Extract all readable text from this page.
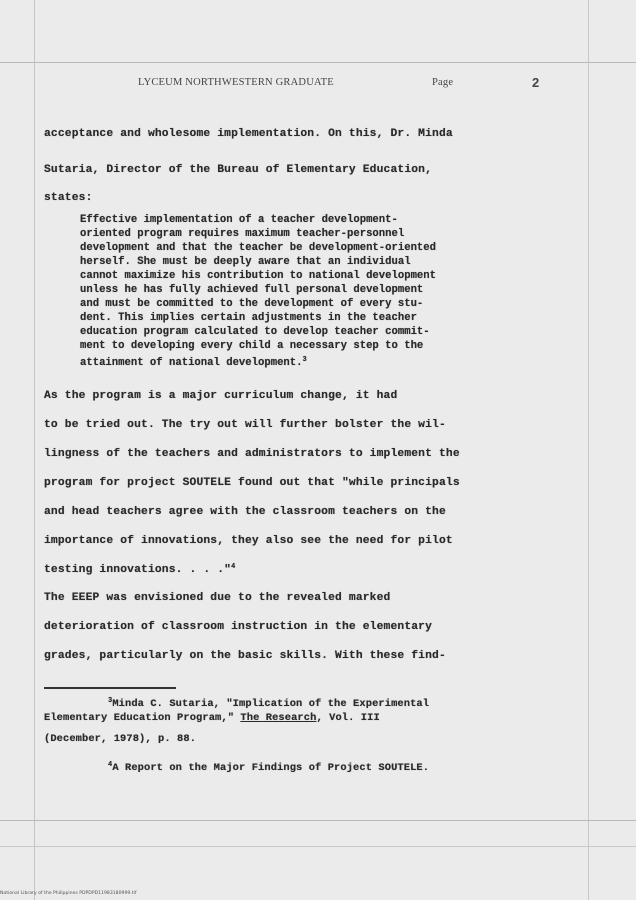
LYCEUM NORTHWESTERN GRADUATE	Page	2
acceptance and wholesome implementation. On this, Dr. Minda
Sutaria, Director of the Bureau of Elementary Education,
states:
Effective implementation of a teacher development-
oriented program requires maximum teacher-personnel
development and that the teacher be development-oriented
herself. She must be deeply aware that an individual
cannot maximize his contribution to national development
unless he has fully achieved full personal development
and must be committed to the development of every stu-
dent. This implies certain adjustments in the teacher
education program calculated to develop teacher commit-
ment to developing every child a necessary step to the
attainment of national development.$^3$
As the program is a major curriculum change, it had
to be tried out. The try out will further bolster the wil-
lingness of the teachers and administrators to implement the
program for project SOUTELE found out that "while principals
and head teachers agree with the classroom teachers on the
importance of innovations, they also see the need for pilot
testing innovations. . . ."$^4$
The EEEP was envisioned due to the revealed marked
deterioration of classroom instruction in the elementary
grades, particularly on the basic skills. With these find-
$^3$Minda C. Sutaria, "Implication of the Experimental
Elementary Education Program," The Research, Vol. III
(December, 1978), p. 88.
$^4$A Report on the Major Findings of Project SOUTELE.
National Library of the Philippines PDPDPD11983180999.tif
